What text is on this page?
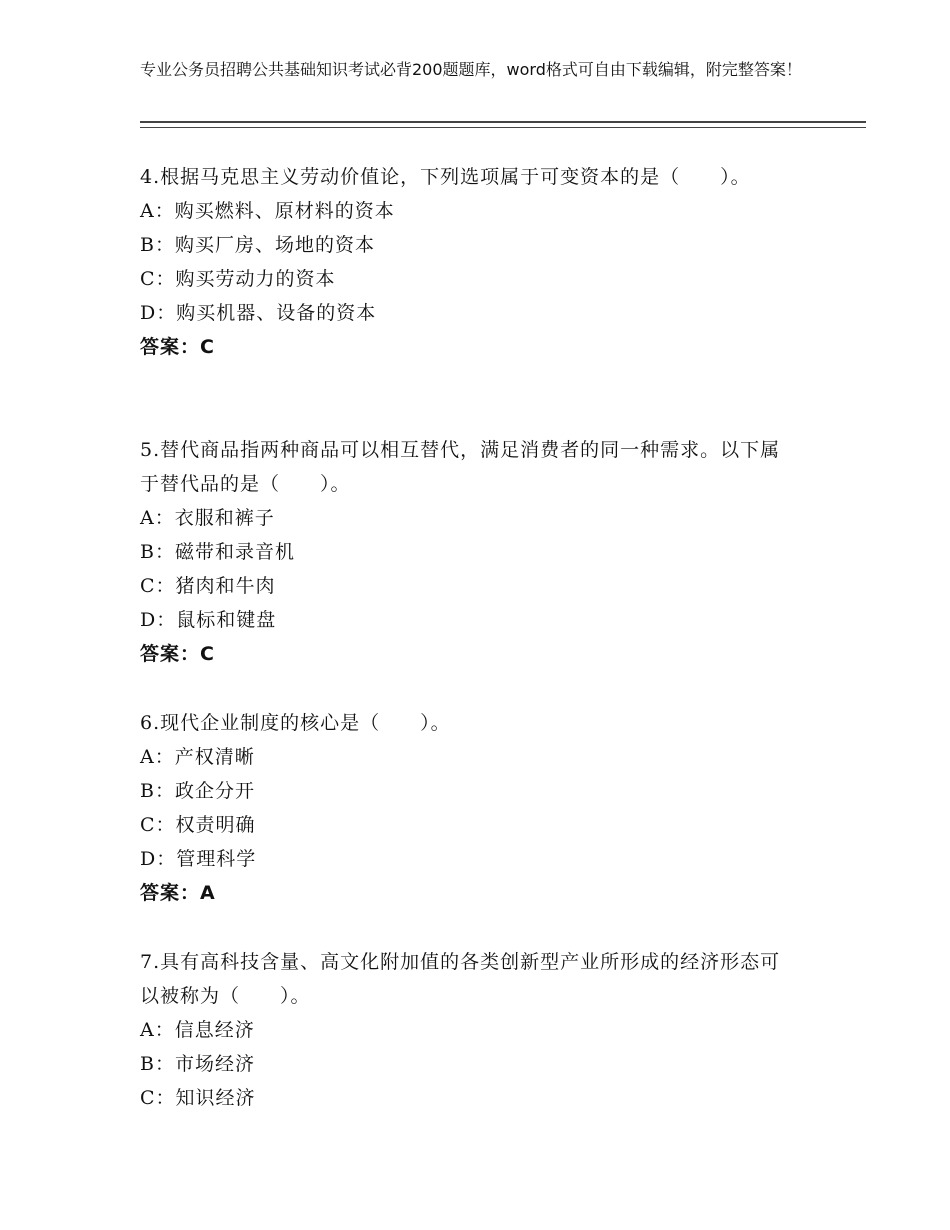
专业公务员招聘公共基础知识考试必背200题题库，word格式可自由下载编辑，附完整答案！

4.根据马克思主义劳动价值论，下列选项属于可变资本的是（　　）。

A：购买燃料、原材料的资本

B：购买厂房、场地的资本

C：购买劳动力的资本

D：购买机器、设备的资本

答案：C

5.替代商品指两种商品可以相互替代，满足消费者的同一种需求。以下属于替代品的是（　　）。

A：衣服和裤子

B：磁带和录音机

C：猪肉和牛肉

D：鼠标和键盘

答案：C

6.现代企业制度的核心是（　　）。

A：产权清晰

B：政企分开

C：权责明确

D：管理科学

答案：A

7.具有高科技含量、高文化附加值的各类创新型产业所形成的经济形态可以被称为（　　）。

A：信息经济

B：市场经济

C：知识经济
